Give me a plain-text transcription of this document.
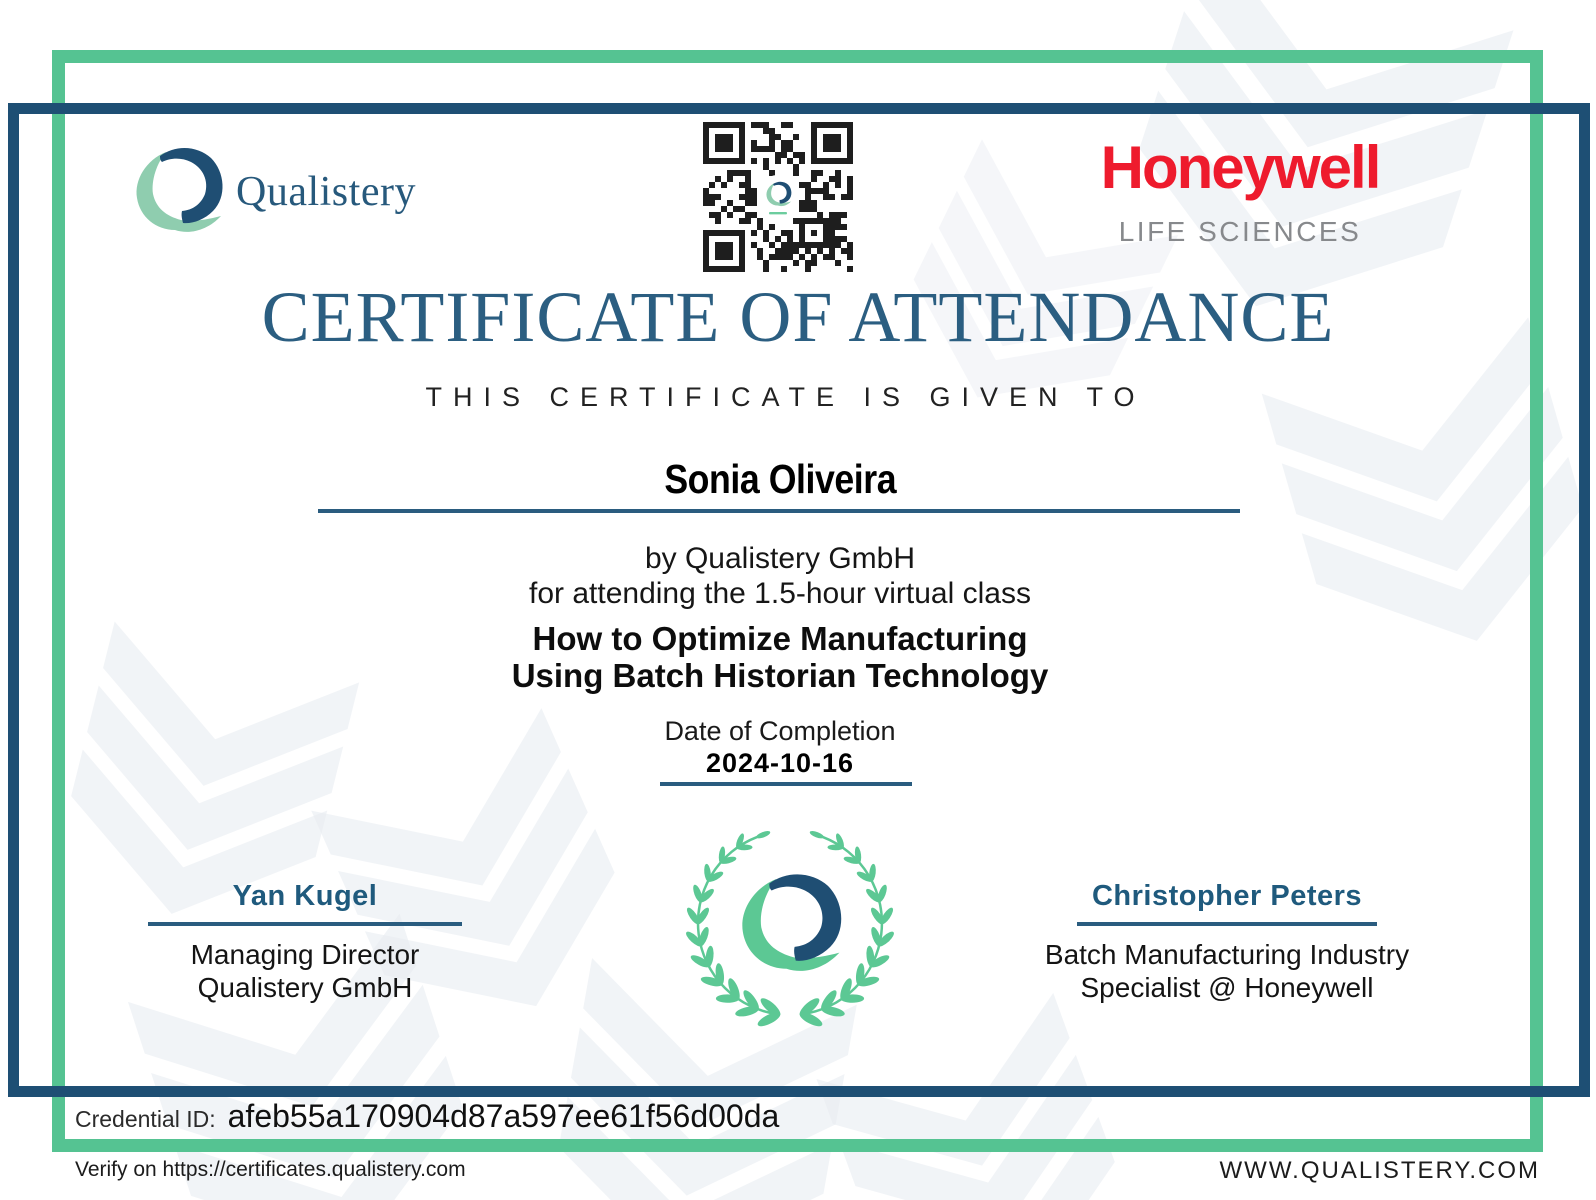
Qualistery	Honeywell
LIFE SCIENCES
CERTIFICATE OF ATTENDANCE
THIS CERTIFICATE IS GIVEN TO
Sonia Oliveira
by Qualistery GmbH
for attending the 1.5-hour virtual class
How to Optimize Manufacturing
Using Batch Historian Technology
Date of Completion
2024-10-16
Yan Kugel
Managing Director
Qualistery GmbH
Christopher Peters
Batch Manufacturing Industry
Specialist @ Honeywell
Credential ID: afeb55a170904d87a597ee61f56d00da
Verify on https://certificates.qualistery.com	WWW.QUALISTERY.COM
